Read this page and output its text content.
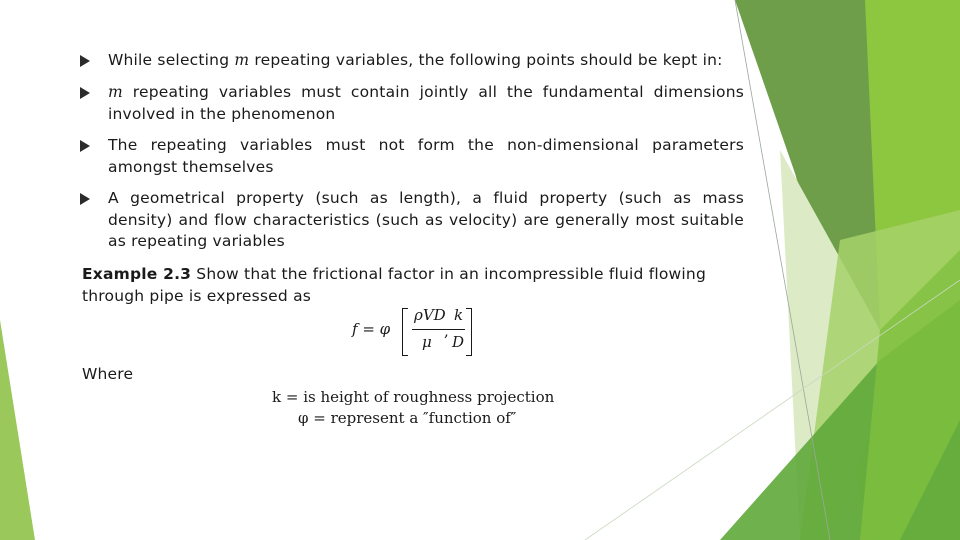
While selecting m repeating variables, the following points should be kept in:
m repeating variables must contain jointly all the fundamental dimensions involved in the phenomenon
The repeating variables must not form the non-dimensional parameters amongst themselves
A geometrical property (such as length), a fluid property (such as mass density) and flow characteristics (such as velocity) are generally most suitable as repeating variables
Example 2.3 Show that the frictional factor in an incompressible fluid flowing through pipe is expressed as
f = φ
ρVD
μ
,
k
D
Where
k = is height of roughness projection
φ = represent a ″function of″
